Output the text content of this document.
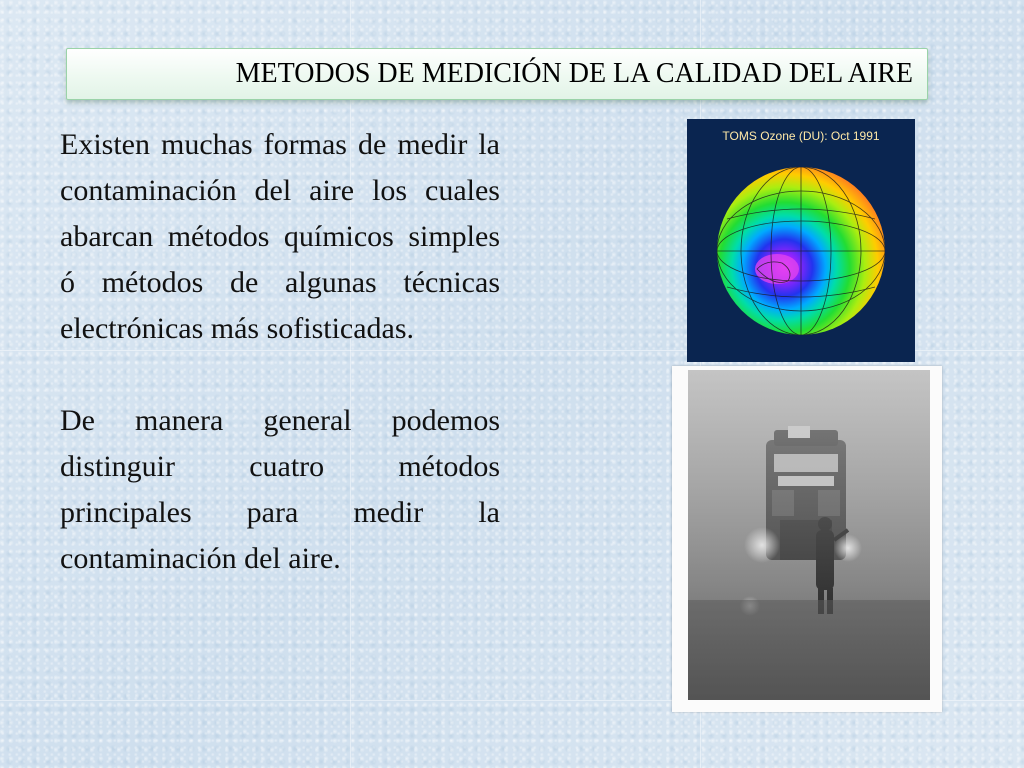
METODOS DE MEDICIÓN DE LA CALIDAD DEL AIRE

Existen muchas formas de medir la contaminación del aire los cuales abarcan métodos químicos simples ó métodos de algunas técnicas electrónicas más sofisticadas.

De manera general podemos distinguir cuatro métodos principales para medir la contaminación del aire.

TOMS Ozone (DU): Oct 1991
